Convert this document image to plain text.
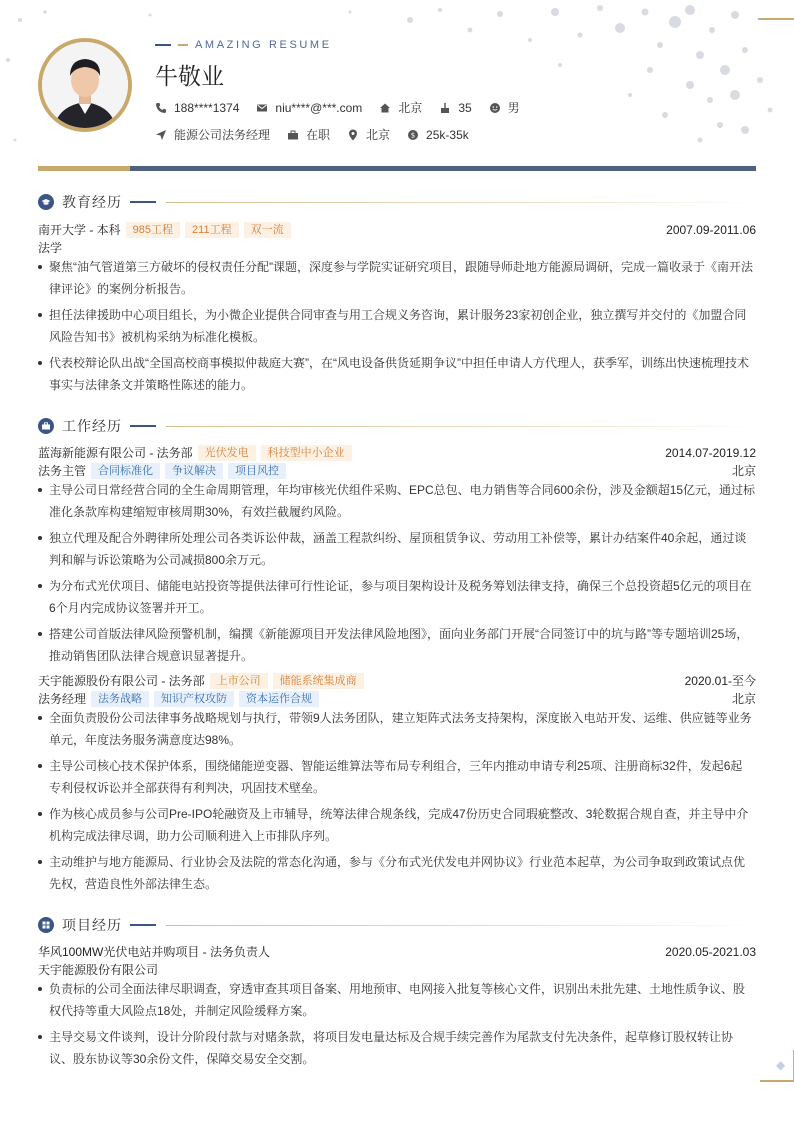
◆
AMAZING RESUME
牛敬业
188****1374	niu****@***.com	北京	35	男
能源公司法务经理	在职	北京	$ 25k-35k
教育经历
南开大学 - 本科	985工程	211工程	双一流	2007.09-2011.06
法学
聚焦“油气管道第三方破坏的侵权责任分配”课题，深度参与学院实证研究项目，跟随导师赴地方能源局调研，完成一篇收录于《南开法
律评论》的案例分析报告。
担任法律援助中心项目组长，为小微企业提供合同审查与用工合规义务咨询，累计服务23家初创企业，独立撰写并交付的《加盟合同
风险告知书》被机构采纳为标准化模板。
代表校辩论队出战“全国高校商事模拟仲裁庭大赛”，在“风电设备供货延期争议”中担任申请人方代理人，获季军，训练出快速梳理技术
事实与法律条文并策略性陈述的能力。
工作经历
蓝海新能源有限公司 - 法务部	光伏发电	科技型中小企业	2014.07-2019.12
法务主管	合同标准化	争议解决	项目风控	北京
主导公司日常经营合同的全生命周期管理，年均审核光伏组件采购、EPC总包、电力销售等合同600余份，涉及金额超15亿元，通过标
准化条款库构建缩短审核周期30%，有效拦截履约风险。
独立代理及配合外聘律所处理公司各类诉讼仲裁，涵盖工程款纠纷、屋顶租赁争议、劳动用工补偿等，累计办结案件40余起，通过谈
判和解与诉讼策略为公司减损800余万元。
为分布式光伏项目、储能电站投资等提供法律可行性论证，参与项目架构设计及税务筹划法律支持，确保三个总投资超5亿元的项目在
6个月内完成协议签署并开工。
搭建公司首版法律风险预警机制，编撰《新能源项目开发法律风险地图》，面向业务部门开展“合同签订中的坑与路”等专题培训25场，
推动销售团队法律合规意识显著提升。
天宇能源股份有限公司 - 法务部	上市公司	储能系统集成商	2020.01-至今
法务经理	法务战略	知识产权攻防	资本运作合规	北京
全面负责股份公司法律事务战略规划与执行，带领9人法务团队，建立矩阵式法务支持架构，深度嵌入电站开发、运维、供应链等业务
单元，年度法务服务满意度达98%。
主导公司核心技术保护体系，围绕储能逆变器、智能运维算法等布局专利组合，三年内推动申请专利25项、注册商标32件，发起6起
专利侵权诉讼并全部获得有利判决，巩固技术壁垒。
作为核心成员参与公司Pre-IPO轮融资及上市辅导，统筹法律合规条线，完成47份历史合同瑕疵整改、3轮数据合规自查，并主导中介
机构完成法律尽调，助力公司顺利进入上市排队序列。
主动维护与地方能源局、行业协会及法院的常态化沟通，参与《分布式光伏发电并网协议》行业范本起草，为公司争取到政策试点优
先权，营造良性外部法律生态。
项目经历
华风100MW光伏电站并购项目 - 法务负责人	2020.05-2021.03
天宇能源股份有限公司
负责标的公司全面法律尽职调查，穿透审查其项目备案、用地预审、电网接入批复等核心文件，识别出未批先建、土地性质争议、股
权代持等重大风险点18处，并制定风险缓释方案。
主导交易文件谈判，设计分阶段付款与对赌条款，将项目发电量达标及合规手续完善作为尾款支付先决条件，起草修订股权转让协
议、股东协议等30余份文件，保障交易安全交割。
